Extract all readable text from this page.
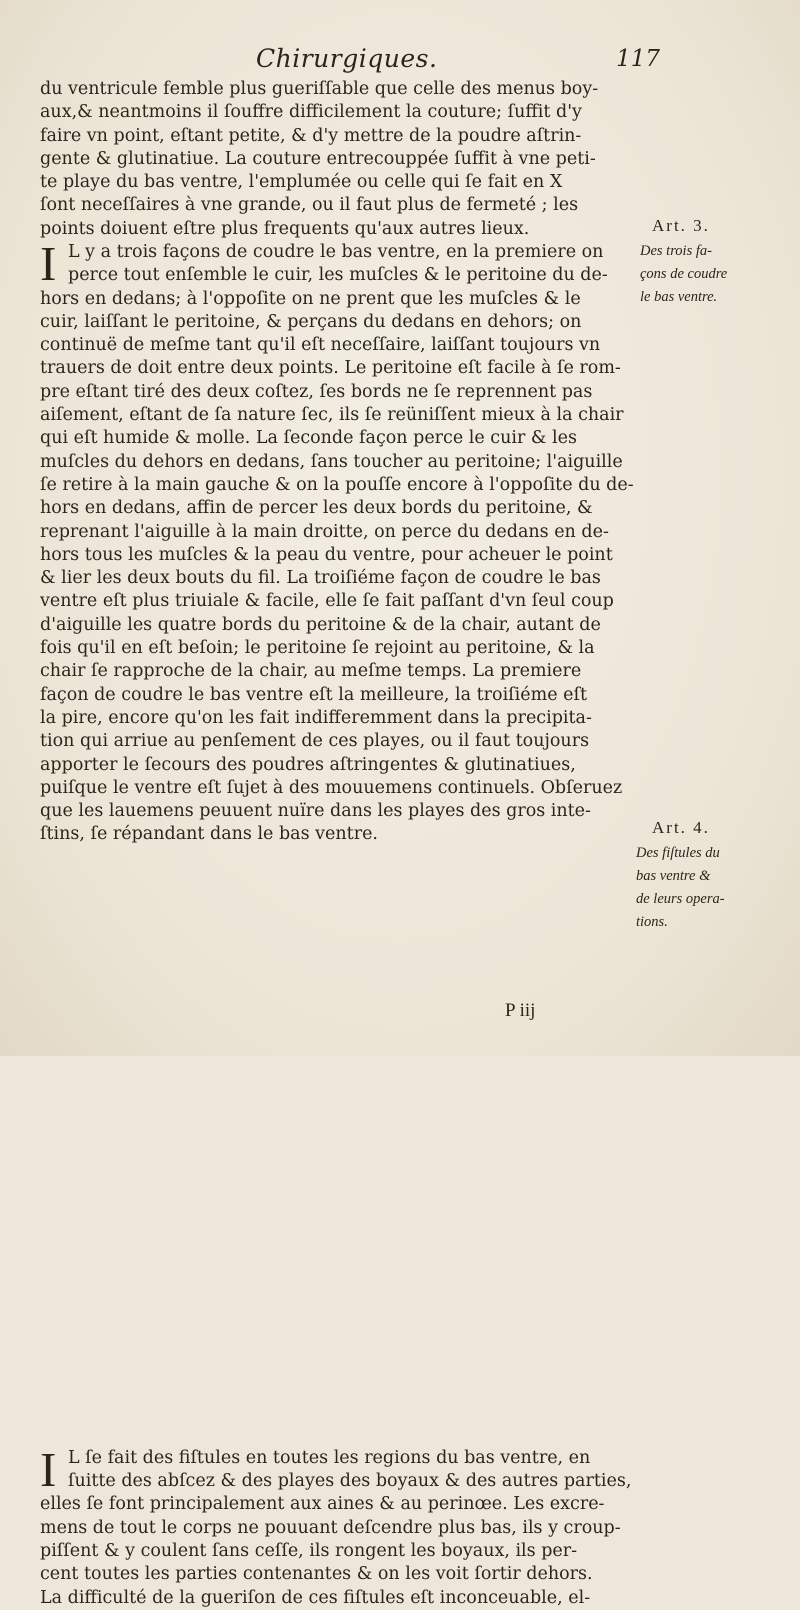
Chirurgiques.	117
du ventricule femble plus gueriſſable que celle des menus boy-
aux,& neantmoins il ſouffre difficilement la couture; ſuffit d'y
faire vn point, eſtant petite, & d'y mettre de la poudre aſtrin-
gente & glutinatiue. La couture entrecouppée ſuffit à vne peti-
te playe du bas ventre, l'emplumée ou celle qui ſe fait en X
ſont neceſſaires à vne grande, ou il faut plus de fermeté ; les
points doiuent eſtre plus frequents qu'aux autres lieux.
I L y a trois façons de coudre le bas ventre, en la premiere on
perce tout enſemble le cuir, les muſcles & le peritoine du de-
hors en dedans; à l'oppoſite on ne prent que les muſcles & le
cuir, laiſſant le peritoine, & perçans du dedans en dehors; on
continuë de meſme tant qu'il eſt neceſſaire, laiſſant toujours vn
trauers de doit entre deux points. Le peritoine eſt facile à ſe rom-
pre eſtant tiré des deux coſtez, ſes bords ne ſe reprennent pas
aiſement, eſtant de ſa nature ſec, ils ſe reüniſſent mieux à la chair
qui eſt humide & molle. La ſeconde façon perce le cuir & les
muſcles du dehors en dedans, ſans toucher au peritoine; l'aiguille
ſe retire à la main gauche & on la pouſſe encore à l'oppoſite du de-
hors en dedans, affin de percer les deux bords du peritoine, &
reprenant l'aiguille à la main droitte, on perce du dedans en de-
hors tous les muſcles & la peau du ventre, pour acheuer le point
& lier les deux bouts du fil. La troiſiéme façon de coudre le bas
ventre eſt plus triuiale & facile, elle ſe fait paſſant d'vn ſeul coup
d'aiguille les quatre bords du peritoine & de la chair, autant de
fois qu'il en eſt beſoin; le peritoine ſe rejoint au peritoine, & la
chair ſe rapproche de la chair, au meſme temps. La premiere
façon de coudre le bas ventre eſt la meilleure, la troiſiéme eſt
la pire, encore qu'on les fait indifferemment dans la precipita-
tion qui arriue au penſement de ces playes, ou il faut toujours
apporter le ſecours des poudres aſtringentes & glutinatiues,
puiſque le ventre eſt ſujet à des mouuemens continuels. Obſeruez
que les lauemens peuuent nuïre dans les playes des gros inte-
ſtins, ſe répandant dans le bas ventre.
I L ſe fait des fiſtules en toutes les regions du bas ventre, en
ſuitte des abſcez & des playes des boyaux & des autres parties,
elles ſe font principalement aux aines & au perinœe. Les excre-
mens de tout le corps ne pouuant deſcendre plus bas, ils y croup-
piſſent & y coulent ſans ceſſe, ils rongent les boyaux, ils per-
cent toutes les parties contenantes & on les voit ſortir dehors.
La difficulté de la gueriſon de ces fiſtules eſt inconceuable, el-
Art. 3.
Des trois fa-
çons de coudre
le bas ventre.
Art. 4.
Des fiſtules du
bas ventre &
de leurs opera-
tions.
P iij
